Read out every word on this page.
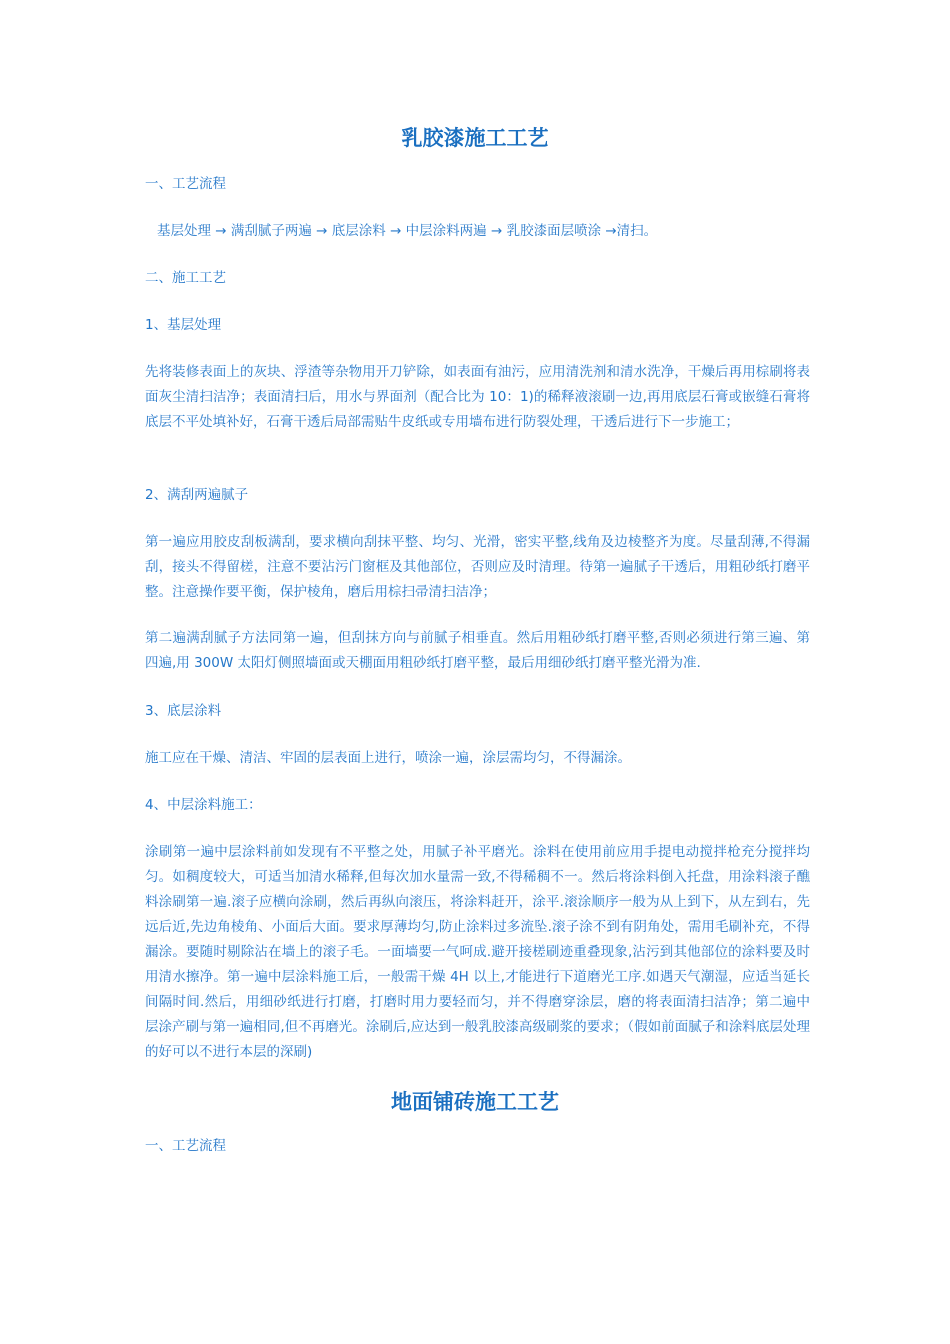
乳胶漆施工工艺

一、工艺流程

基层处理 → 满刮腻子两遍 → 底层涂料 → 中层涂料两遍 → 乳胶漆面层喷涂 →清扫。

二、施工工艺

1、基层处理

先将装修表面上的灰块、浮渣等杂物用开刀铲除，如表面有油污，应用清洗剂和清水洗净，干燥后再用棕刷将表面灰尘清扫洁净；表面清扫后，用水与界面剂（配合比为 10：1)的稀释液滚刷一边,再用底层石膏或嵌缝石膏将底层不平处填补好，石膏干透后局部需贴牛皮纸或专用墙布进行防裂处理，干透后进行下一步施工；

2、满刮两遍腻子

第一遍应用胶皮刮板满刮，要求横向刮抹平整、均匀、光滑，密实平整,线角及边棱整齐为度。尽量刮薄,不得漏刮，接头不得留槎，注意不要沾污门窗框及其他部位，否则应及时清理。待第一遍腻子干透后，用粗砂纸打磨平整。注意操作要平衡，保护棱角，磨后用棕扫帚清扫洁净；

第二遍满刮腻子方法同第一遍，但刮抹方向与前腻子相垂直。然后用粗砂纸打磨平整,否则必须进行第三遍、第四遍,用 300W 太阳灯侧照墙面或天棚面用粗砂纸打磨平整，最后用细砂纸打磨平整光滑为准.

3、底层涂料

施工应在干燥、清洁、牢固的层表面上进行，喷涂一遍，涂层需均匀，不得漏涂。

4、中层涂料施工：

涂刷第一遍中层涂料前如发现有不平整之处，用腻子补平磨光。涂料在使用前应用手提电动搅拌枪充分搅拌均匀。如稠度较大，可适当加清水稀释,但每次加水量需一致,不得稀稠不一。然后将涂料倒入托盘，用涂料滚子醮料涂刷第一遍.滚子应横向涂刷，然后再纵向滚压，将涂料赶开，涂平.滚涂顺序一般为从上到下，从左到右，先远后近,先边角棱角、小面后大面。要求厚薄均匀,防止涂料过多流坠.滚子涂不到有阴角处，需用毛刷补充，不得漏涂。要随时剔除沾在墙上的滚子毛。一面墙要一气呵成.避开接槎刷迹重叠现象,沾污到其他部位的涂料要及时用清水擦净。第一遍中层涂料施工后，一般需干燥 4H 以上,才能进行下道磨光工序.如遇天气潮湿，应适当延长间隔时间.然后，用细砂纸进行打磨，打磨时用力要轻而匀，并不得磨穿涂层，磨的将表面清扫洁净；第二遍中层涂产刷与第一遍相同,但不再磨光。涂刷后,应达到一般乳胶漆高级刷浆的要求；（假如前面腻子和涂料底层处理的好可以不进行本层的深刷)

地面铺砖施工工艺

一、工艺流程
